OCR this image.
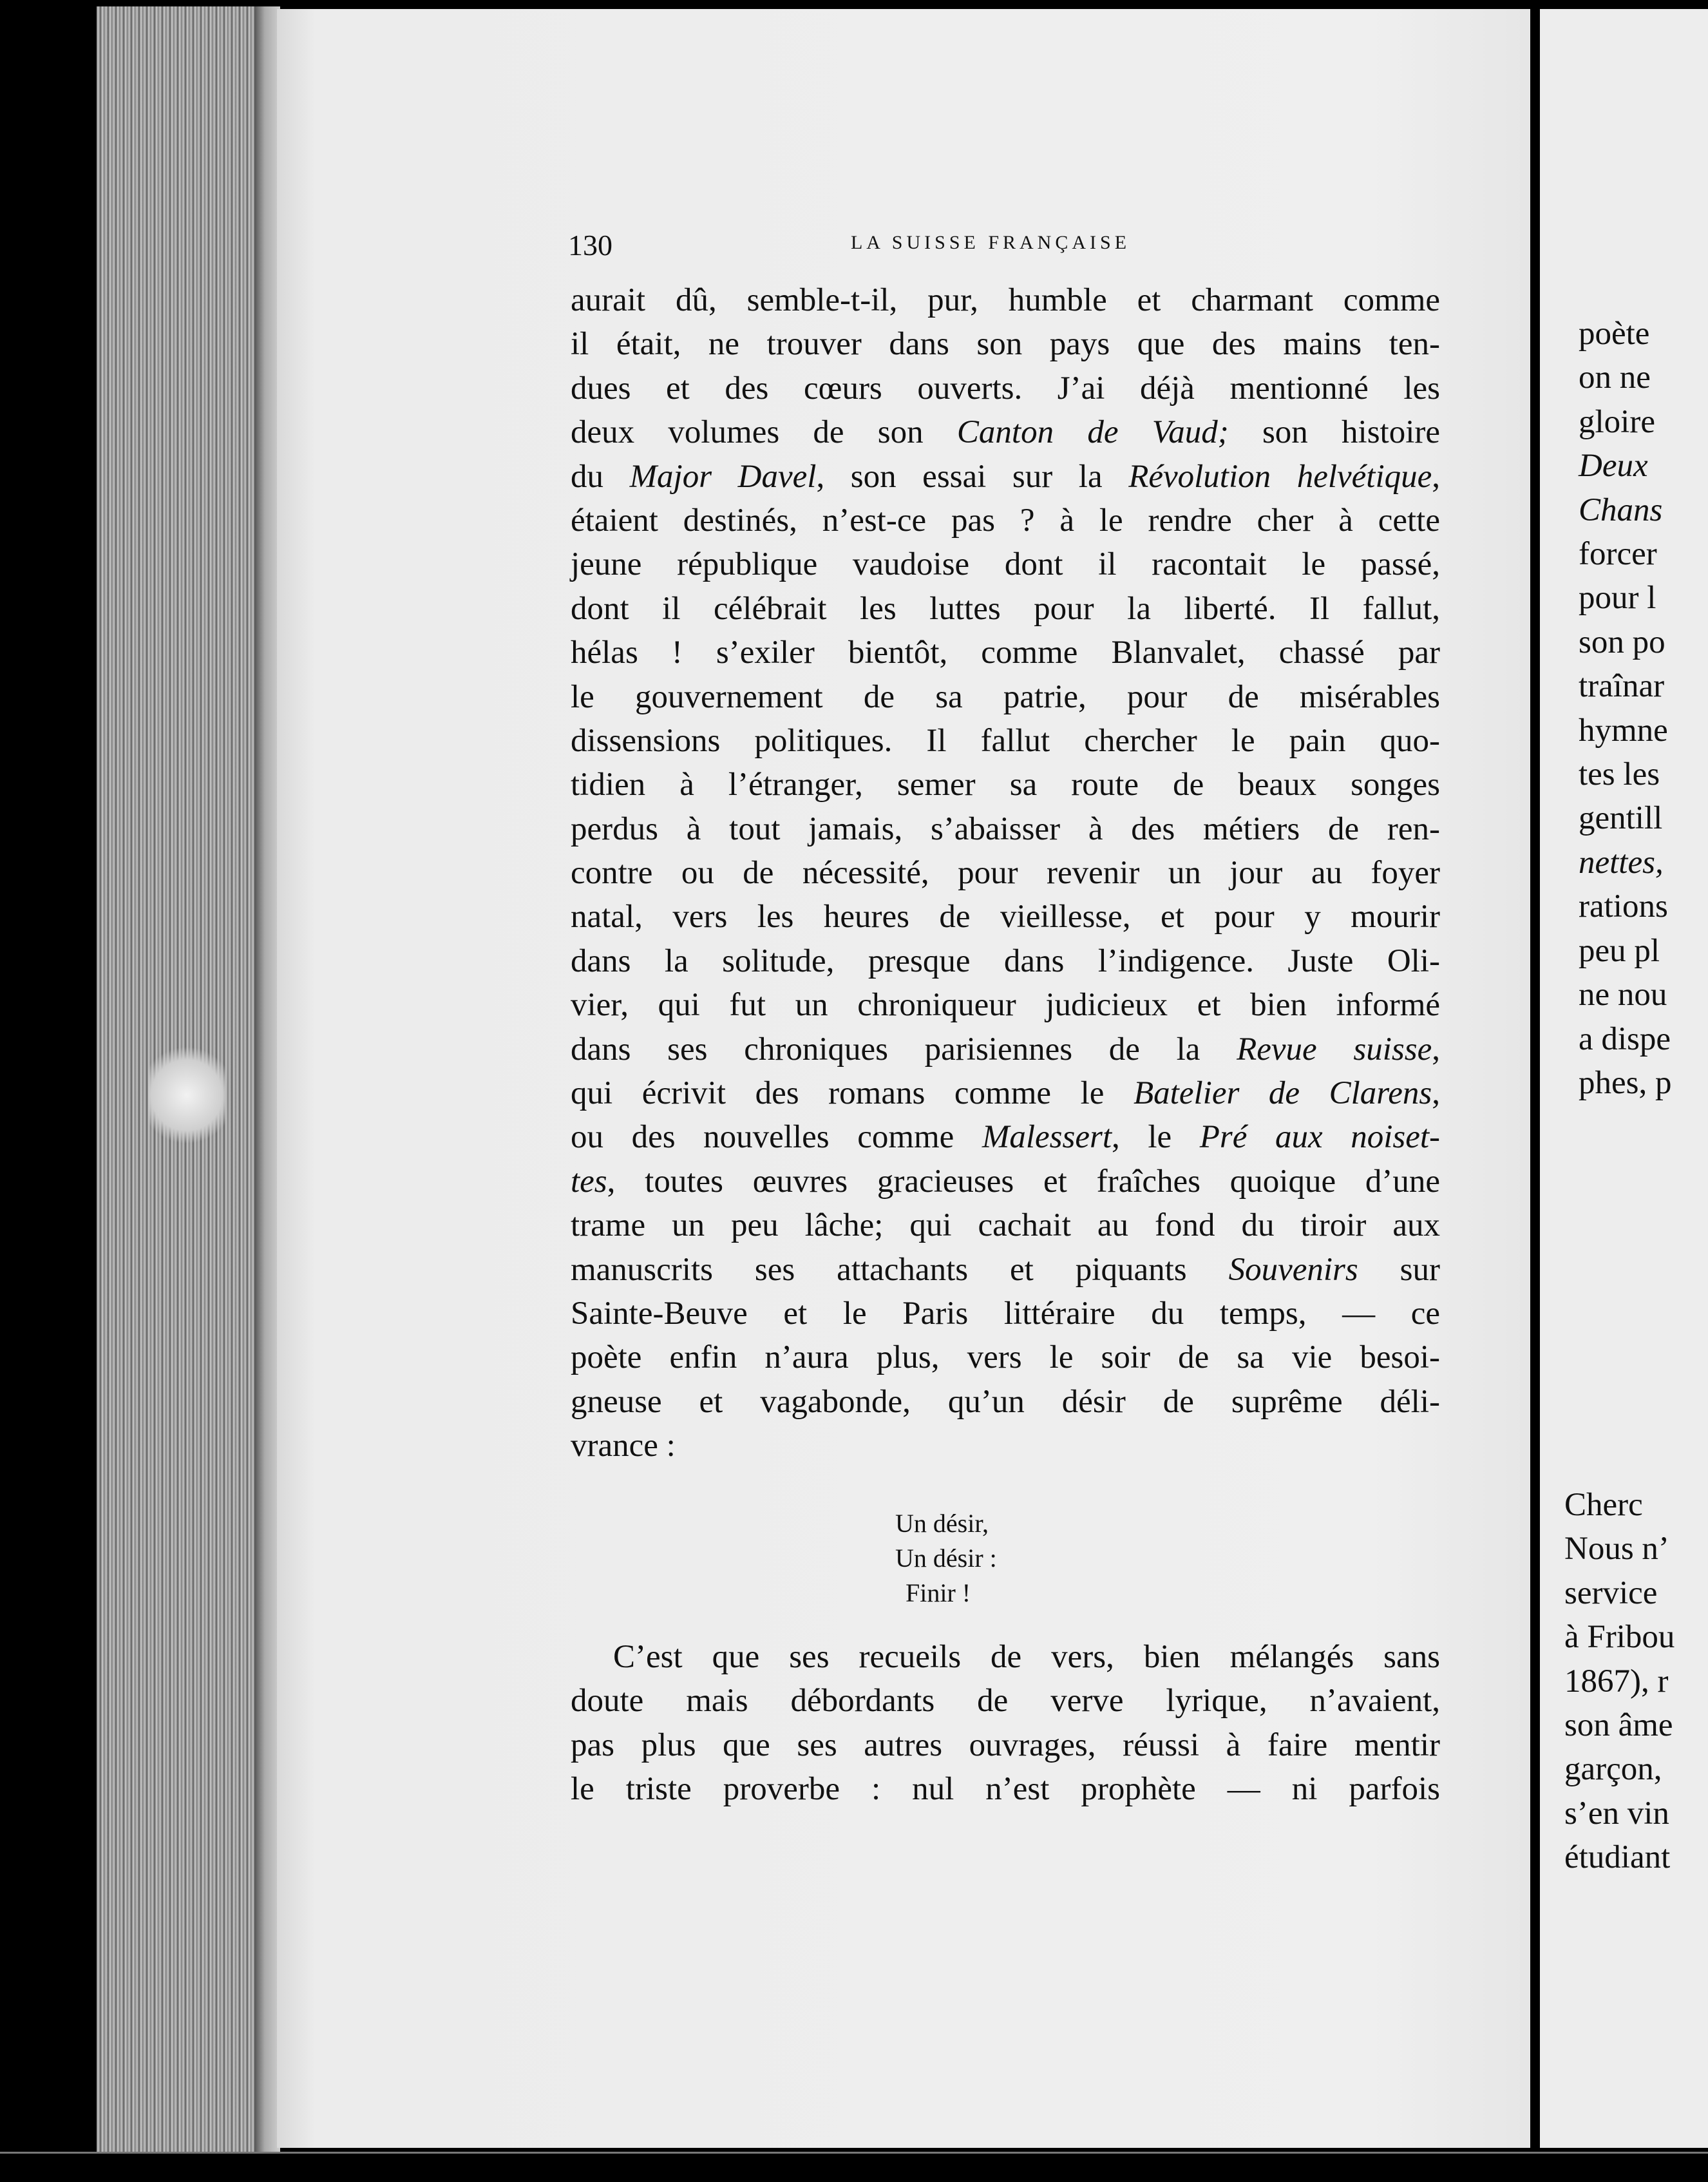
130	LA SUISSE FRANÇAISE
aurait dû, semble-t-il, pur, humble et charmant comme
il était, ne trouver dans son pays que des mains ten-
dues et des cœurs ouverts. J’ai déjà mentionné les
deux volumes de son Canton de Vaud; son histoire
du Major Davel, son essai sur la Révolution helvétique,
étaient destinés, n’est-ce pas ? à le rendre cher à cette
jeune république vaudoise dont il racontait le passé,
dont il célébrait les luttes pour la liberté. Il fallut,
hélas ! s’exiler bientôt, comme Blanvalet, chassé par
le gouvernement de sa patrie, pour de misérables
dissensions politiques. Il fallut chercher le pain quo-
tidien à l’étranger, semer sa route de beaux songes
perdus à tout jamais, s’abaisser à des métiers de ren-
contre ou de nécessité, pour revenir un jour au foyer
natal, vers les heures de vieillesse, et pour y mourir
dans la solitude, presque dans l’indigence. Juste Oli-
vier, qui fut un chroniqueur judicieux et bien informé
dans ses chroniques parisiennes de la Revue suisse,
qui écrivit des romans comme le Batelier de Clarens,
ou des nouvelles comme Malessert, le Pré aux noiset-
tes, toutes œuvres gracieuses et fraîches quoique d’une
trame un peu lâche; qui cachait au fond du tiroir aux
manuscrits ses attachants et piquants Souvenirs sur
Sainte-Beuve et le Paris littéraire du temps, — ce
poète enfin n’aura plus, vers le soir de sa vie besoi-
gneuse et vagabonde, qu’un désir de suprême déli-
vrance :
Un désir,
Un désir :
Finir !
C’est que ses recueils de vers, bien mélangés sans
doute mais débordants de verve lyrique, n’avaient,
pas plus que ses autres ouvrages, réussi à faire mentir
le triste proverbe : nul n’est prophète — ni parfois
poète
on ne
gloire
Deux
Chans
forcer
pour l
son po
traînar
hymne
tes les
gentill
nettes,
rations
peu pl
ne nou
a dispe
phes, p
Cherc
Nous n’
service
à Fribou
1867), r
son âme
garçon,
s’en vin
étudiant
